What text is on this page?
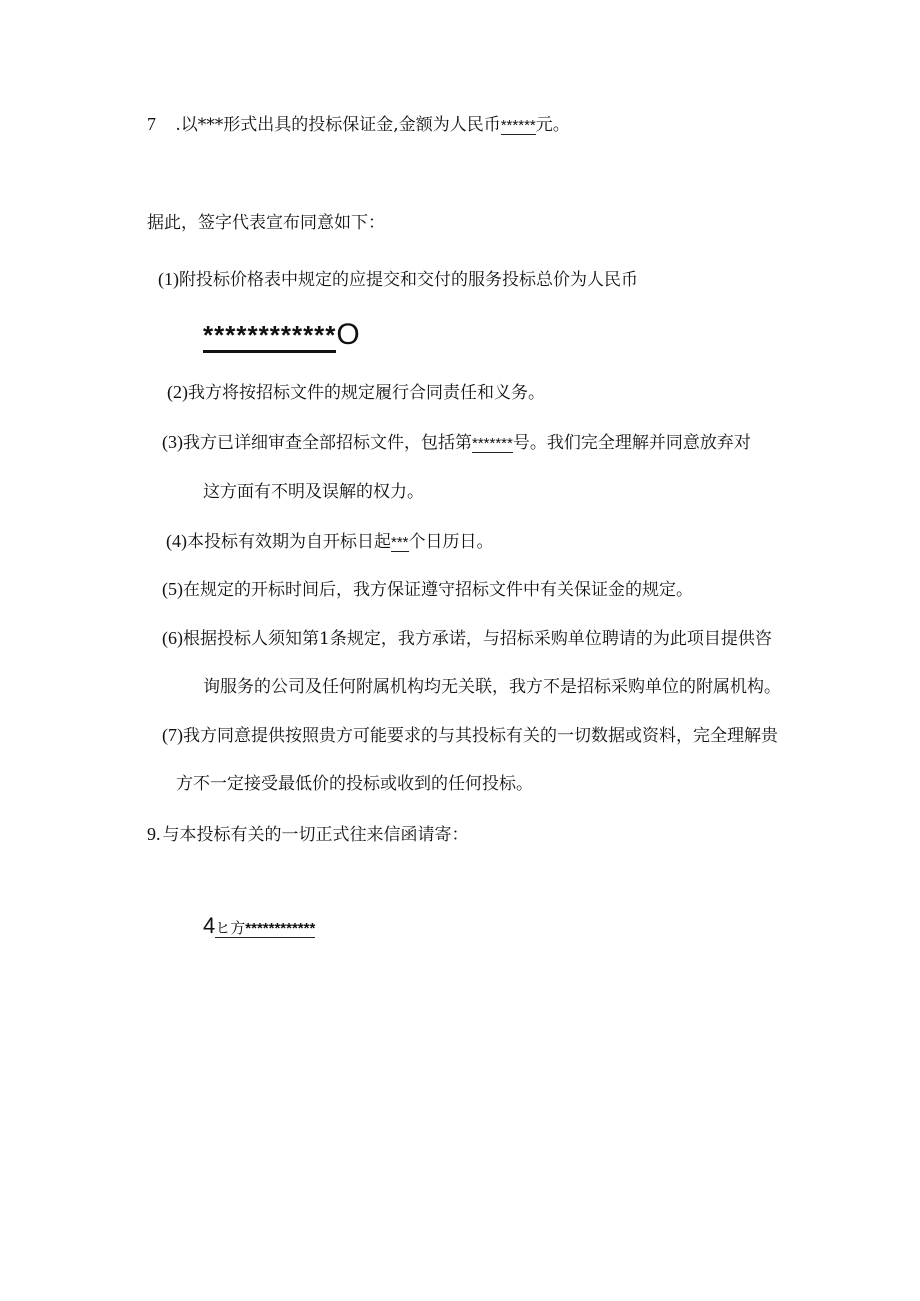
7 .以***形式出具的投标保证金,金额为人民币******元。
据此，签字代表宣布同意如下：
(1)附投标价格表中规定的应提交和交付的服务投标总价为人民币
************O
(2)我方将按招标文件的规定履行合同责任和义务。
(3)我方已详细审查全部招标文件，包括第*******号。我们完全理解并同意放弃对
这方面有不明及误解的权力。
(4)本投标有效期为自开标日起***个日历日。
(5)在规定的开标时间后，我方保证遵守招标文件中有关保证金的规定。
(6)根据投标人须知第1条规定，我方承诺，与招标采购单位聘请的为此项目提供咨
询服务的公司及任何附属机构均无关联，我方不是招标采购单位的附属机构。
(7)我方同意提供按照贵方可能要求的与其投标有关的一切数据或资料，完全理解贵
方不一定接受最低价的投标或收到的任何投标。
9. 与本投标有关的一切正式往来信函请寄：
4ヒ方************
